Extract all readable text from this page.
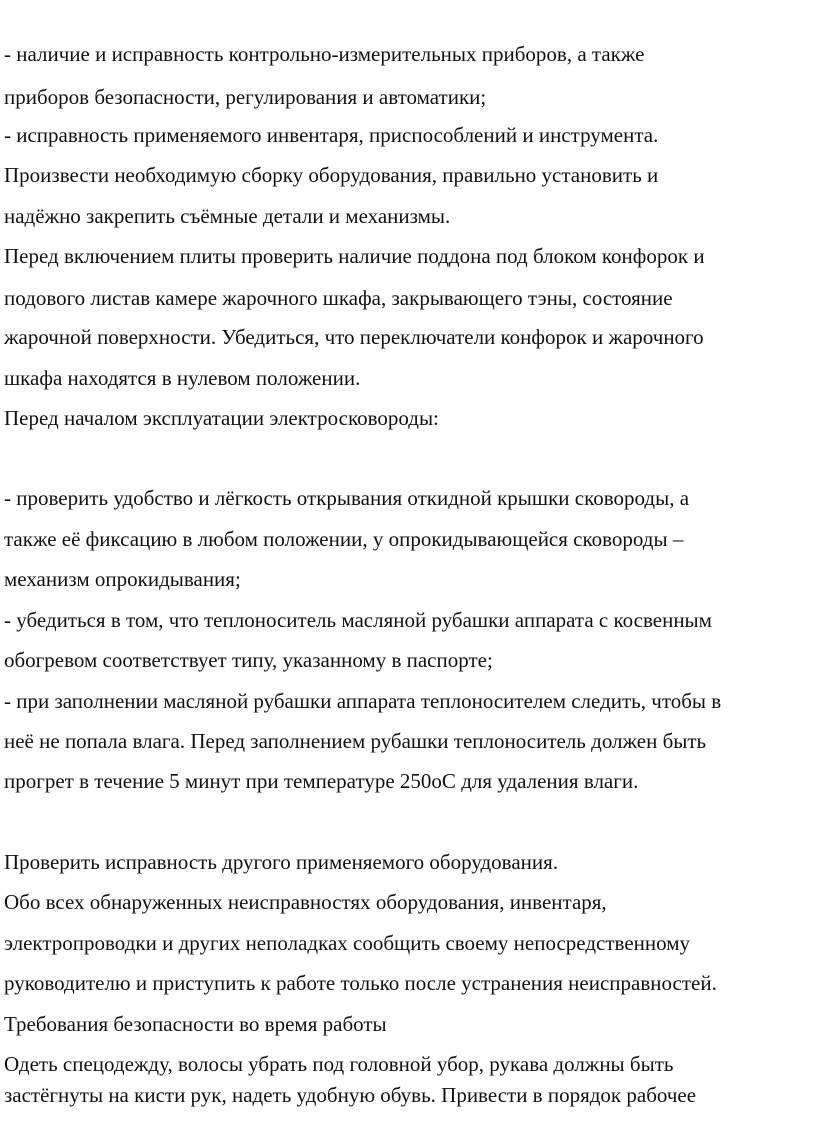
- наличие и исправность контрольно-измерительных приборов, а также
приборов безопасности, регулирования и автоматики;
- исправность применяемого инвентаря, приспособлений и инструмента.
Произвести необходимую сборку оборудования, правильно установить и
надёжно закрепить съёмные детали и механизмы.
Перед включением плиты проверить наличие поддона под блоком конфорок и
подового листав камере жарочного шкафа, закрывающего тэны, состояние
жарочной поверхности. Убедиться, что переключатели конфорок и жарочного
шкафа находятся в нулевом положении.
Перед началом эксплуатации электросковороды:
- проверить удобство и лёгкость открывания откидной крышки сковороды, а
также её фиксацию в любом положении, у опрокидывающейся сковороды –
механизм опрокидывания;
- убедиться в том, что теплоноситель масляной рубашки аппарата с косвенным
обогревом соответствует типу, указанному в паспорте;
- при заполнении масляной рубашки аппарата теплоносителем следить, чтобы в
неё не попала влага. Перед заполнением рубашки теплоноситель должен быть
прогрет в течение 5 минут при температуре 250оС для удаления влаги.
Проверить исправность другого применяемого оборудования.
Обо всех обнаруженных неисправностях оборудования, инвентаря,
электропроводки и других неполадках сообщить своему непосредственному
руководителю и приступить к работе только после устранения неисправностей.
Требования безопасности во время работы
Одеть спецодежду, волосы убрать под головной убор, рукава должны быть
застёгнуты на кисти рук, надеть удобную обувь. Привести в порядок рабочее
